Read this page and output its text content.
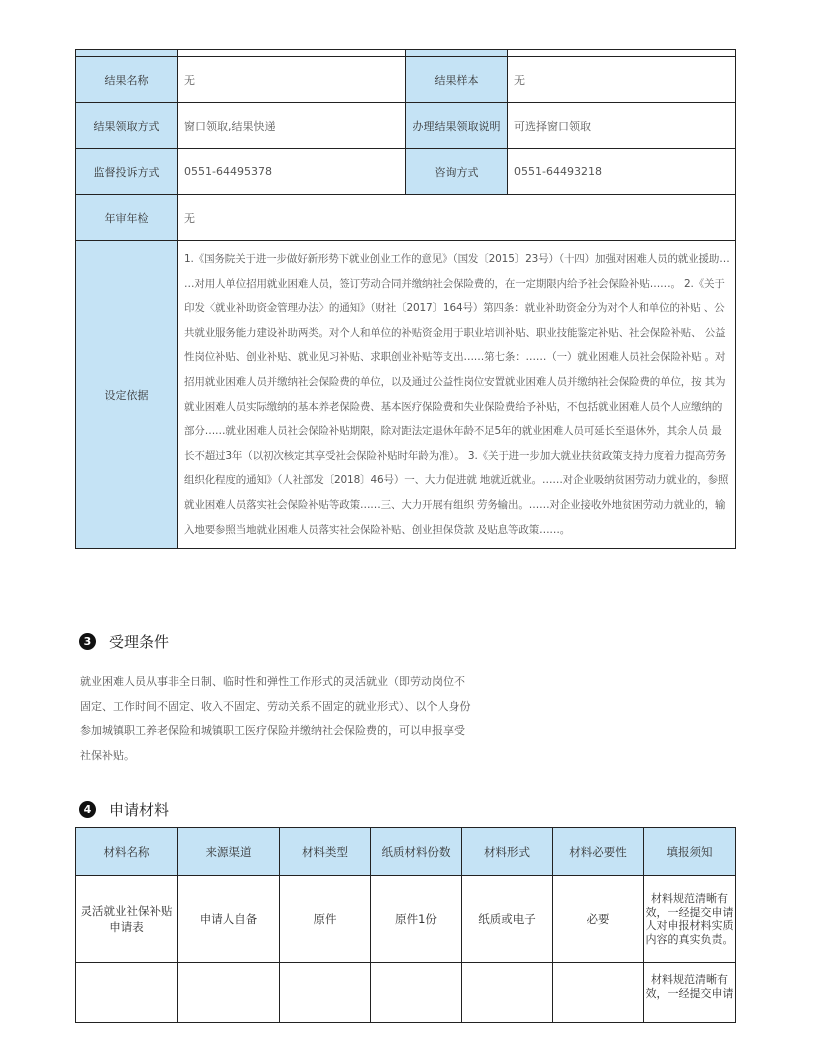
结果名称	无	结果样本	无
结果领取方式	窗口领取,结果快递	办理结果领取说明	可选择窗口领取
监督投诉方式	0551-64495378	咨询方式	0551-64493218
年审年检	无		
设定依据	1.《国务院关于进一步做好新形势下就业创业工作的意见》（国发〔2015〕23号）（十四）加强对困难人员的就业援助… …对用人单位招用就业困难人员，签订劳动合同并缴纳社会保险费的，在一定期限内给予社会保险补贴……。 2.《关于印发〈就业补助资金管理办法〉的通知》（财社〔2017〕164号）第四条：就业补助资金分为对个人和单位的补贴 、公共就业服务能力建设补助两类。对个人和单位的补贴资金用于职业培训补贴、职业技能鉴定补贴、社会保险补贴、 公益性岗位补贴、创业补贴、就业见习补贴、求职创业补贴等支出……第七条：……（一）就业困难人员社会保险补贴 。对招用就业困难人员并缴纳社会保险费的单位，以及通过公益性岗位安置就业困难人员并缴纳社会保险费的单位，按 其为就业困难人员实际缴纳的基本养老保险费、基本医疗保险费和失业保险费给予补贴，不包括就业困难人员个人应缴纳的部分……就业困难人员社会保险补贴期限，除对距法定退休年龄不足5年的就业困难人员可延长至退休外，其余人员 最长不超过3年（以初次核定其享受社会保险补贴时年龄为准）。 3.《关于进一步加大就业扶贫政策支持力度着力提高劳务组织化程度的通知》（人社部发〔2018〕46号）一、大力促进就 地就近就业。……对企业吸纳贫困劳动力就业的，参照就业困难人员落实社会保险补贴等政策……三、大力开展有组织 劳务输出。……对企业接收外地贫困劳动力就业的，输入地要参照当地就业困难人员落实社会保险补贴、创业担保贷款 及贴息等政策……。		
3	受理条件
就业困难人员从事非全日制、临时性和弹性工作形式的灵活就业（即劳动岗位不固定、工作时间不固定、收入不固定、劳动关系不固定的就业形式）、以个人身份参加城镇职工养老保险和城镇职工医疗保险并缴纳社会保险费的，可以申报享受社保补贴。
4	申请材料
材料名称	来源渠道	材料类型	纸质材料份数	材料形式	材料必要性	填报须知
灵活就业社保补贴申请表	申请人自备	原件	原件1份	纸质或电子	必要	材料规范清晰有效，一经提交申请人对申报材料实质内容的真实负责。
						材料规范清晰有效，一经提交申请
